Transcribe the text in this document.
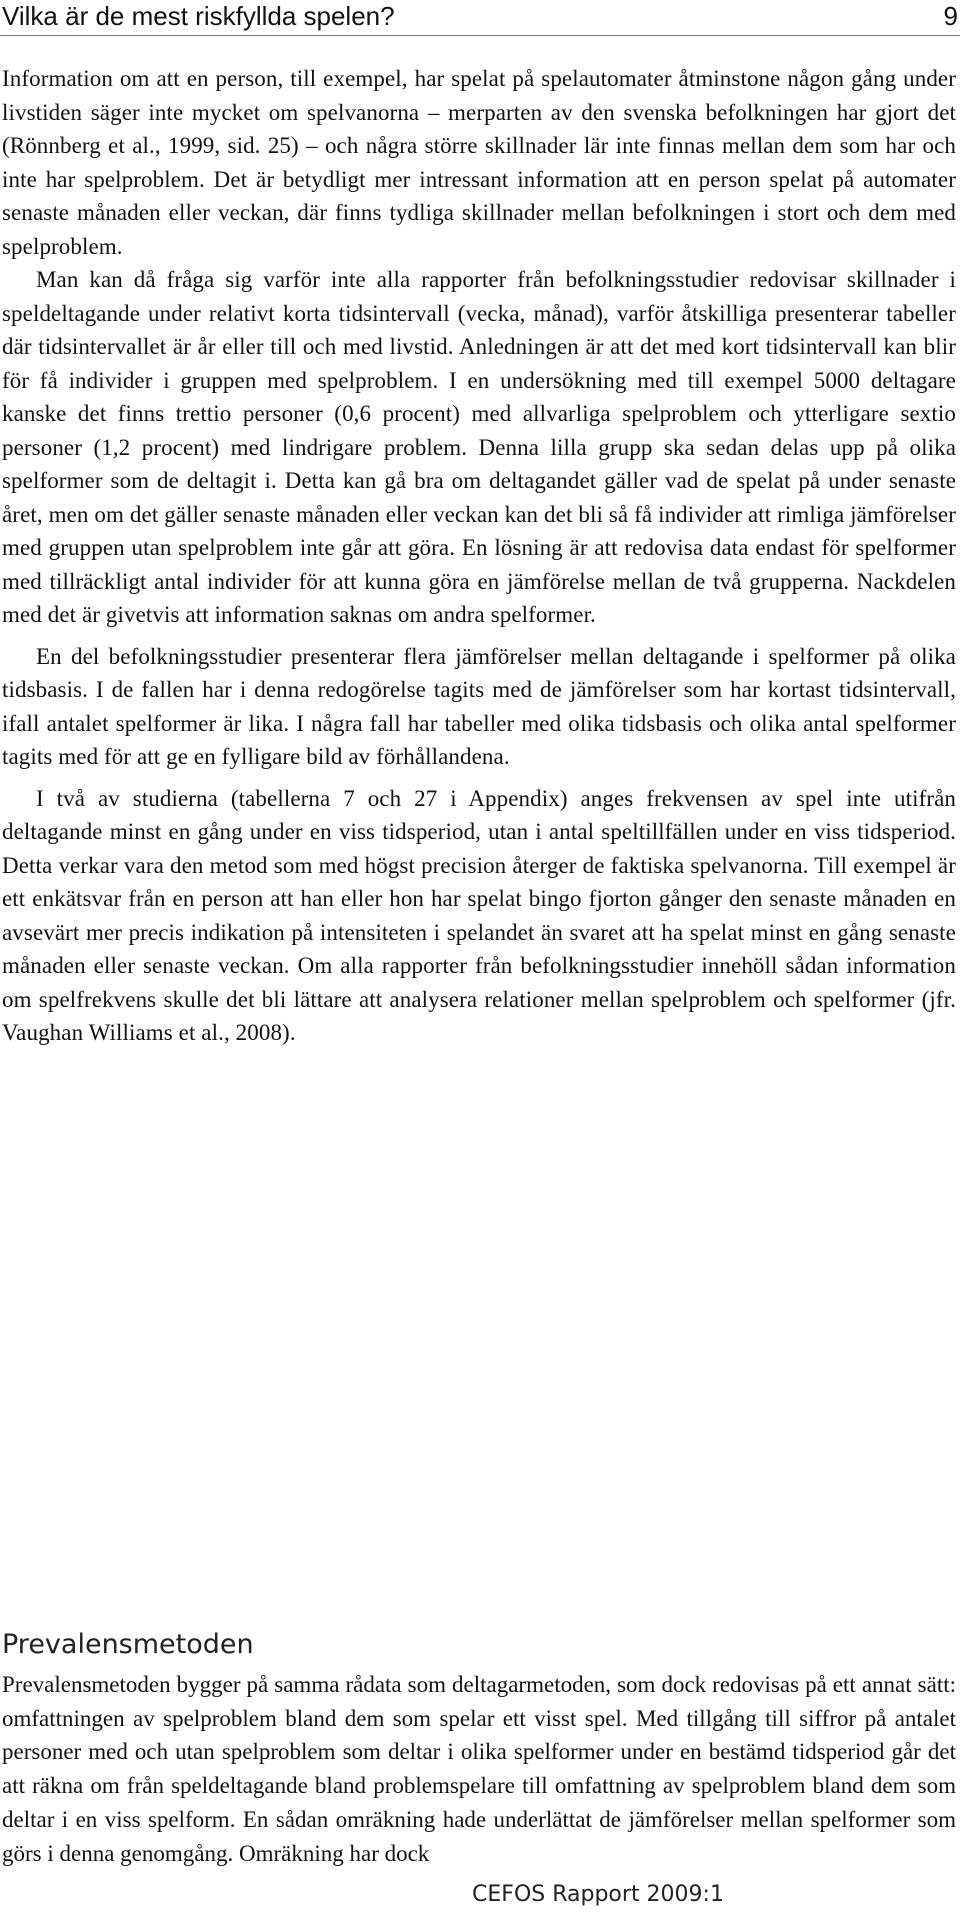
Vilka är de mest riskfyllda spelen?	9

Information om att en person, till exempel, har spelat på spelautomater åtminstone någon gång under livstiden säger inte mycket om spelvanorna – merparten av den svenska befolkningen har gjort det (Rönnberg et al., 1999, sid. 25) – och några större skillnader lär inte finnas mellan dem som har och inte har spelproblem. Det är betydligt mer intressant information att en person spelat på automater senaste månaden eller veckan, där finns tydliga skillnader mellan befolkningen i stort och dem med spelproblem.

Man kan då fråga sig varför inte alla rapporter från befolkningsstudier redovisar skillnader i speldeltagande under relativt korta tidsintervall (vecka, månad), varför åtskilliga presenterar tabeller där tidsintervallet är år eller till och med livstid. Anledningen är att det med kort tidsintervall kan blir för få individer i gruppen med spelproblem. I en undersökning med till exempel 5000 deltagare kanske det finns trettio personer (0,6 procent) med allvarliga spelproblem och ytterligare sextio personer (1,2 procent) med lindrigare problem. Denna lilla grupp ska sedan delas upp på olika spelformer som de deltagit i. Detta kan gå bra om deltagandet gäller vad de spelat på under senaste året, men om det gäller senaste månaden eller veckan kan det bli så få individer att rimliga jämförelser med gruppen utan spelproblem inte går att göra. En lösning är att redovisa data endast för spelformer med tillräckligt antal individer för att kunna göra en jämförelse mellan de två grupperna. Nackdelen med det är givetvis att information saknas om andra spelformer.

En del befolkningsstudier presenterar flera jämförelser mellan deltagande i spelformer på olika tidsbasis. I de fallen har i denna redogörelse tagits med de jämförelser som har kortast tidsintervall, ifall antalet spelformer är lika. I några fall har tabeller med olika tidsbasis och olika antal spelformer tagits med för att ge en fylligare bild av förhållandena.

I två av studierna (tabellerna 7 och 27 i Appendix) anges frekvensen av spel inte utifrån deltagande minst en gång under en viss tidsperiod, utan i antal speltillfällen under en viss tidsperiod. Detta verkar vara den metod som med högst precision återger de faktiska spelvanorna. Till exempel är ett enkätsvar från en person att han eller hon har spelat bingo fjorton gånger den senaste månaden en avsevärt mer precis indikation på intensiteten i spelandet än svaret att ha spelat minst en gång senaste månaden eller senaste veckan. Om alla rapporter från befolkningsstudier innehöll sådan information om spelfrekvens skulle det bli lättare att analysera relationer mellan spelproblem och spelformer (jfr. Vaughan Williams et al., 2008).

Prevalensmetoden

Prevalensmetoden bygger på samma rådata som deltagarmetoden, som dock redovisas på ett annat sätt: omfattningen av spelproblem bland dem som spelar ett visst spel. Med tillgång till siffror på antalet personer med och utan spelproblem som deltar i olika spelformer under en bestämd tidsperiod går det att räkna om från speldeltagande bland problemspelare till omfattning av spelproblem bland dem som deltar i en viss spelform. En sådan omräkning hade underlättat de jämförelser mellan spelformer som görs i denna genomgång. Omräkning har dock

CEFOS Rapport 2009:1
